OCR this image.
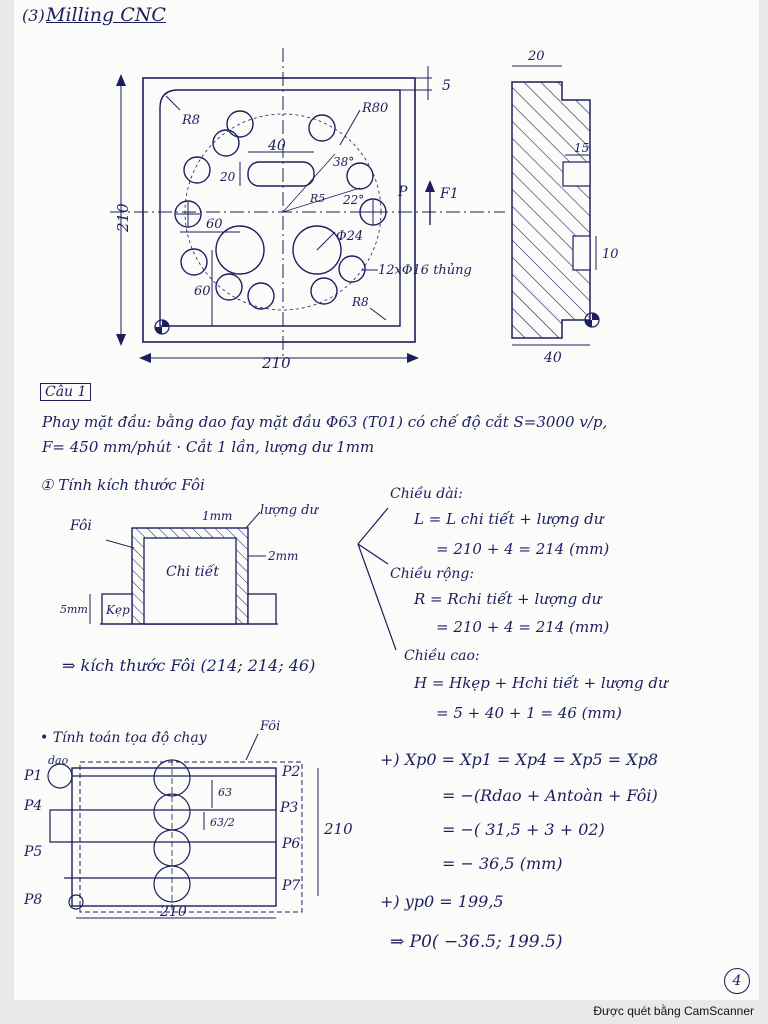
(3) Milling CNC
40
20
38°
22°
R5
R80
R8
60
60
Φ24
12xΦ16 thủng
R8
P F1
5
210
210
20
15
10
40
Câu 1
Phay mặt đầu: bằng dao fay mặt đầu Φ63 (T01) có chế độ cắt S=3000 v/p,
F= 450 mm/phút · Cắt 1 lần, lượng dư 1mm
① Tính kích thước Fôi
Fôi
1mm lượng dư
Chi tiết
2mm
5mm Kẹp
⇒ kích thước Fôi (214; 214; 46)
Chiều dài:
L = L chi tiết + lượng dư
= 210 + 4 = 214 (mm)
Chiều rộng:
R = Rchi tiết + lượng dư
= 210 + 4 = 214 (mm)
Chiều cao:
H = Hkẹp + Hchi tiết + lượng dư
= 5 + 40 + 1 = 46 (mm)
• Tính toán tọa độ chạy
P1
dao
P2
P3
P4
P5	P6
P7
P8
Fôi
63
63/2	210
210
+) Xp0 = Xp1 = Xp4 = Xp5 = Xp8
= −(Rdao + Antoàn + Fôi)
= −( 31,5 + 3 + 02)
= − 36,5 (mm)
+) yp0 = 199,5
⇒ P0( −36.5; 199.5)
4
Được quét bằng CamScanner
